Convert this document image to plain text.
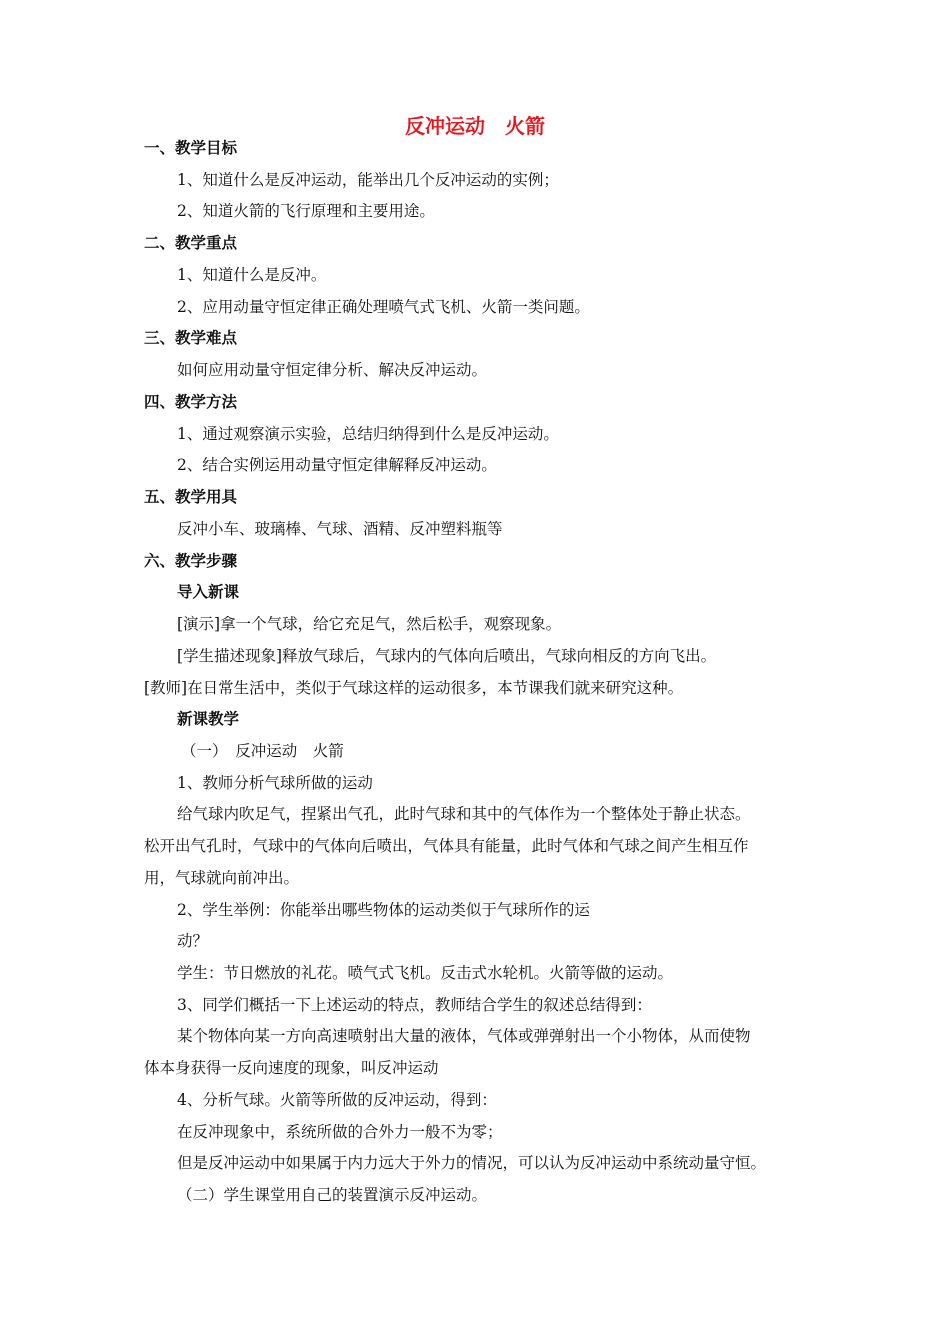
反冲运动　火箭
一、教学目标
1、知道什么是反冲运动，能举出几个反冲运动的实例；
2、知道火箭的飞行原理和主要用途。
二、教学重点
1、知道什么是反冲。
2、应用动量守恒定律正确处理喷气式飞机、火箭一类问题。
三、教学难点
如何应用动量守恒定律分析、解决反冲运动。
四、教学方法
1、通过观察演示实验，总结归纳得到什么是反冲运动。
2、结合实例运用动量守恒定律解释反冲运动。
五、教学用具
反冲小车、玻璃棒、气球、酒精、反冲塑料瓶等
六、教学步骤
导入新课
[演示]拿一个气球，给它充足气，然后松手，观察现象。
[学生描述现象]释放气球后，气球内的气体向后喷出，气球向相反的方向飞出。
[教师]在日常生活中，类似于气球这样的运动很多，本节课我们就来研究这种。
新课教学
（一）　反冲运动　火箭
1、教师分析气球所做的运动
给气球内吹足气，捏紧出气孔，此时气球和其中的气体作为一个整体处于静止状态。
松开出气孔时，气球中的气体向后喷出，气体具有能量，此时气体和气球之间产生相互作
用，气球就向前冲出。
2、学生举例：你能举出哪些物体的运动类似于气球所作的运
动？
学生：节日燃放的礼花。喷气式飞机。反击式水轮机。火箭等做的运动。
3、同学们概括一下上述运动的特点，教师结合学生的叙述总结得到：
某个物体向某一方向高速喷射出大量的液体，气体或弹弹射出一个小物体，从而使物
体本身获得一反向速度的现象，叫反冲运动
4、分析气球。火箭等所做的反冲运动，得到：
在反冲现象中，系统所做的合外力一般不为零；
但是反冲运动中如果属于内力远大于外力的情况，可以认为反冲运动中系统动量守恒。
（二）学生课堂用自己的装置演示反冲运动。
